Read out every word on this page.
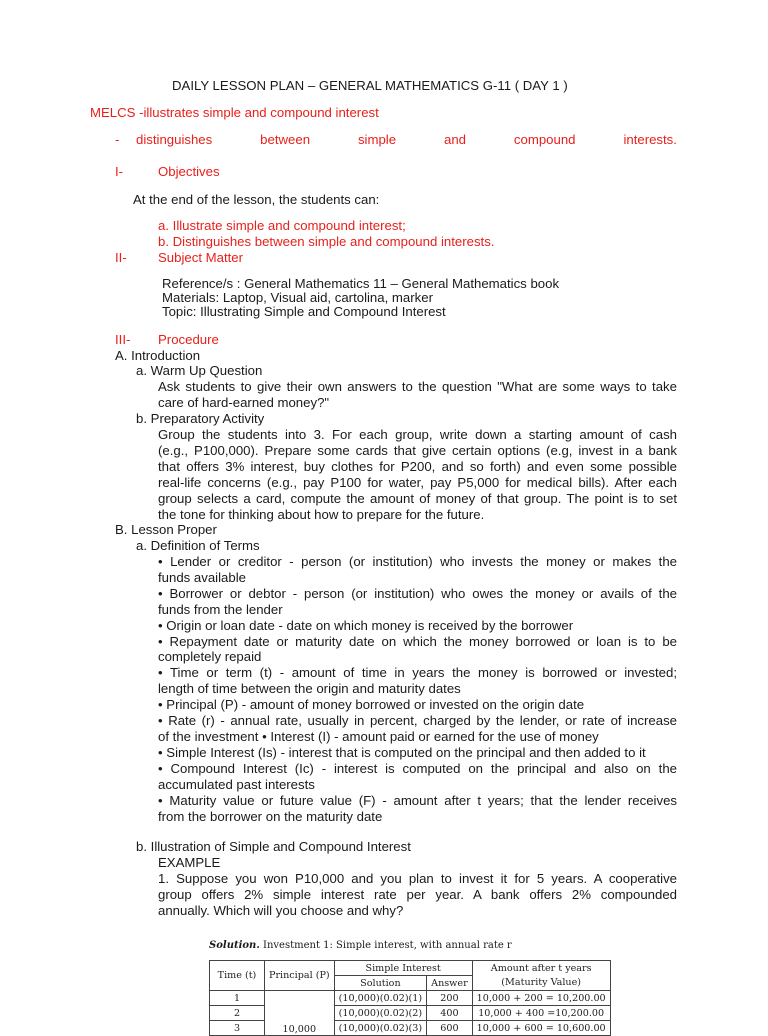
DAILY LESSON PLAN – GENERAL MATHEMATICS G-11 ( DAY 1 )
MELCS -illustrates simple and compound interest
- distinguishes	between	simple	and	compound	interests.
I-	Objectives
At the end of the lesson, the students can:
a. Illustrate simple and compound interest;
b. Distinguishes between simple and compound interests.
II- Subject Matter
Reference/s : General Mathematics 11 – General Mathematics book
Materials: Laptop, Visual aid, cartolina, marker
Topic: Illustrating Simple and Compound Interest
III- Procedure
A. Introduction
a. Warm Up Question
Ask students to give their own answers to the question "What are some ways to take
care of hard-earned money?"
b. Preparatory Activity
Group the students into 3. For each group, write down a starting amount of cash
(e.g., P100,000). Prepare some cards that give certain options (e.g, invest in a bank
that offers 3% interest, buy clothes for P200, and so forth) and even some possible
real-life concerns (e.g., pay P100 for water, pay P5,000 for medical bills). After each
group selects a card, compute the amount of money of that group. The point is to set
the tone for thinking about how to prepare for the future.
B. Lesson Proper
a. Definition of Terms
• Lender or creditor - person (or institution) who invests the money or makes the
funds available
• Borrower or debtor - person (or institution) who owes the money or avails of the
funds from the lender
• Origin or loan date - date on which money is received by the borrower
• Repayment date or maturity date on which the money borrowed or loan is to be
completely repaid
• Time or term (t) - amount of time in years the money is borrowed or invested;
length of time between the origin and maturity dates
• Principal (P) - amount of money borrowed or invested on the origin date
• Rate (r) - annual rate, usually in percent, charged by the lender, or rate of increase
of the investment • Interest (I) - amount paid or earned for the use of money
• Simple Interest (Is) - interest that is computed on the principal and then added to it
• Compound Interest (Ic) - interest is computed on the principal and also on the
accumulated past interests
• Maturity value or future value (F) - amount after t years; that the lender receives
from the borrower on the maturity date
b. Illustration of Simple and Compound Interest
EXAMPLE
1. Suppose you won P10,000 and you plan to invest it for 5 years. A cooperative
group offers 2% simple interest rate per year. A bank offers 2% compounded
annually. Which will you choose and why?
Solution. Investment 1: Simple interest, with annual rate r
Time (t)	Principal (P)	Simple Interest		Amount after t years
		Solution	Answer	(Maturity Value)
1	10,000	(10,000)(0.02)(1)	200	10,000 + 200 = 10,200.00
2		(10,000)(0.02)(2)	400	10,000 + 400 =10,200.00
3		(10,000)(0.02)(3)	600	10,000 + 600 = 10,600.00
